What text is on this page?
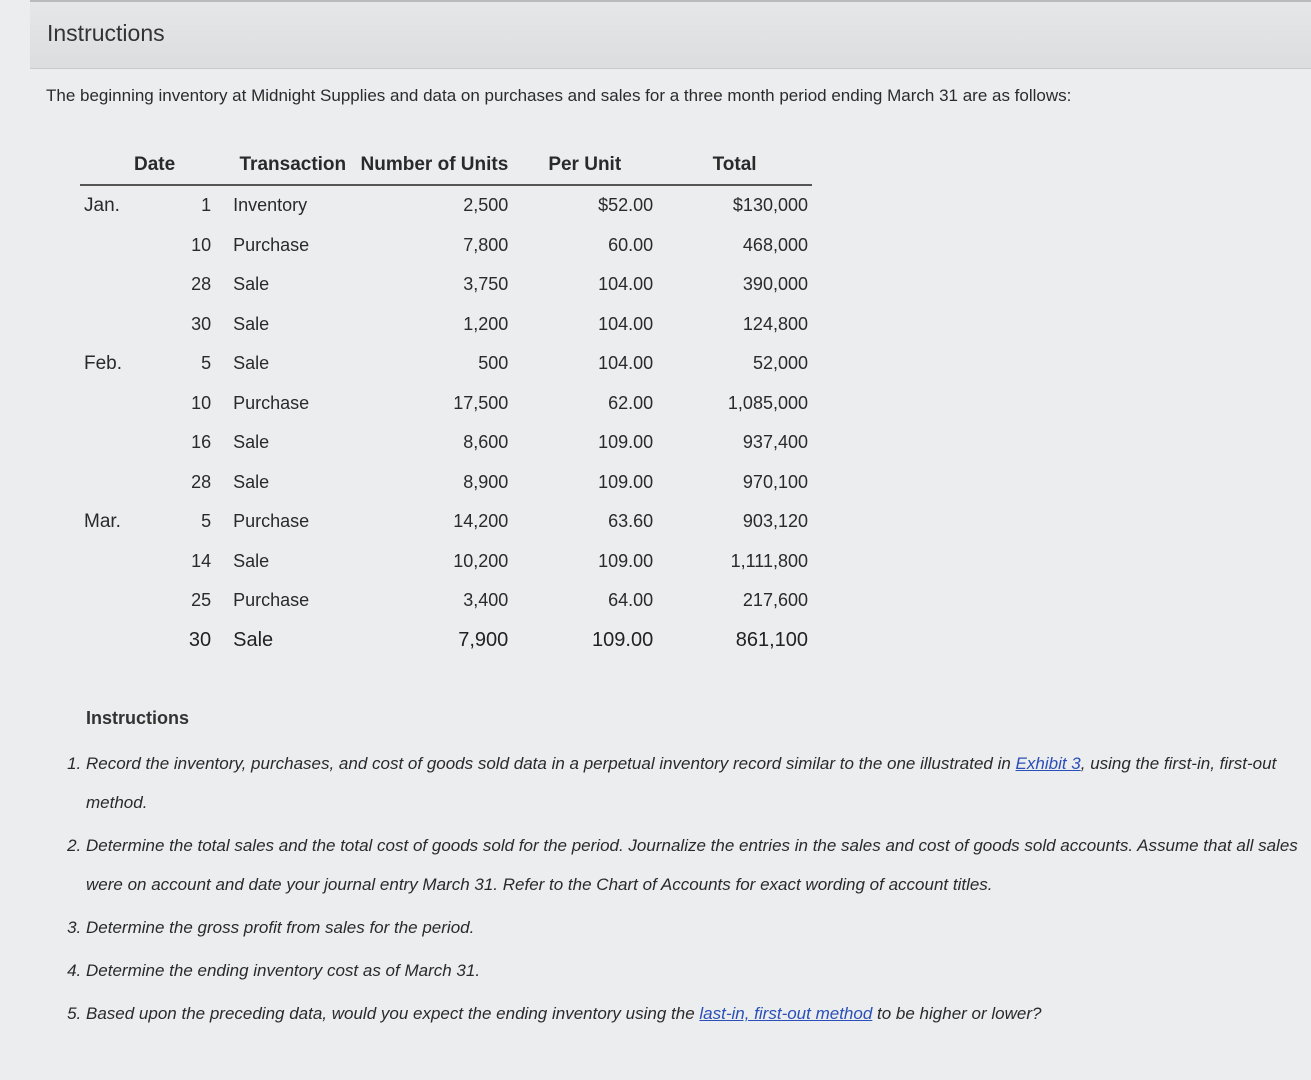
Instructions
The beginning inventory at Midnight Supplies and data on purchases and sales for a three month period ending March 31 are as follows:
Date		Transaction	Number of Units	Per Unit	Total
Jan.	1	Inventory	2,500	$52.00	$130,000
	10	Purchase	7,800	60.00	468,000
	28	Sale	3,750	104.00	390,000
	30	Sale	1,200	104.00	124,800
Feb.	5	Sale	500	104.00	52,000
	10	Purchase	17,500	62.00	1,085,000
	16	Sale	8,600	109.00	937,400
	28	Sale	8,900	109.00	970,100
Mar.	5	Purchase	14,200	63.60	903,120
	14	Sale	10,200	109.00	1,111,800
	25	Purchase	3,400	64.00	217,600
	30	Sale	7,900	109.00	861,100
Instructions
1. Record the inventory, purchases, and cost of goods sold data in a perpetual inventory record similar to the one illustrated in Exhibit 3, using the first-in, first-out method.
2. Determine the total sales and the total cost of goods sold for the period. Journalize the entries in the sales and cost of goods sold accounts. Assume that all sales were on account and date your journal entry March 31. Refer to the Chart of Accounts for exact wording of account titles.
3. Determine the gross profit from sales for the period.
4. Determine the ending inventory cost as of March 31.
5. Based upon the preceding data, would you expect the ending inventory using the last-in, first-out method to be higher or lower?
